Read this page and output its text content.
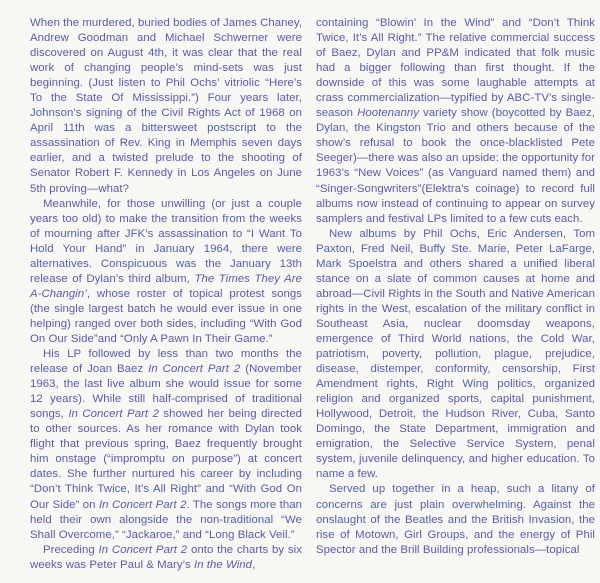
When the murdered, buried bodies of James Chaney, Andrew Goodman and Michael Schwerner were discovered on August 4th, it was clear that the real work of changing people’s mind-sets was just beginning. (Just listen to Phil Ochs’ vitriolic “Here’s To the State Of Mississippi.”) Four years later, Johnson’s signing of the Civil Rights Act of 1968 on April 11th was a bittersweet postscript to the assassination of Rev. King in Memphis seven days earlier, and a twisted prelude to the shooting of Senator Robert F. Kennedy in Los Angeles on June 5th proving—what?

Meanwhile, for those unwilling (or just a couple years too old) to make the transition from the weeks of mourning after JFK’s assassination to “I Want To Hold Your Hand” in January 1964, there were alternatives. Conspicuous was the January 13th release of Dylan’s third album, The Times They Are A-Changin’, whose roster of topical protest songs (the single largest batch he would ever issue in one helping) ranged over both sides, including “With God On Our Side”and “Only A Pawn In Their Game.”

His LP followed by less than two months the release of Joan Baez In Concert Part 2 (November 1963, the last live album she would issue for some 12 years). While still half-comprised of traditional songs, In Concert Part 2 showed her being directed to other sources. As her romance with Dylan took flight that previous spring, Baez frequently brought him onstage (“impromptu on purpose”) at concert dates. She further nurtured his career by including “Don’t Think Twice, It’s All Right” and “With God On Our Side” on In Concert Part 2. The songs more than held their own alongside the non-traditional “We Shall Overcome,” “Jackaroe,” and “Long Black Veil.”

Preceding In Concert Part 2 onto the charts by six weeks was Peter Paul & Mary’s In the Wind,

containing “Blowin’ In the Wind” and “Don’t Think Twice, It’s All Right.” The relative commercial success of Baez, Dylan and PP&M indicated that folk music had a bigger following than first thought. If the downside of this was some laughable attempts at crass commercialization—typified by ABC-TV’s single-season Hootenanny variety show (boycotted by Baez, Dylan, the Kingston Trio and others because of the show’s refusal to book the once-blacklisted Pete Seeger)—there was also an upside: the opportunity for 1963’s “New Voices” (as Vanguard named them) and “Singer-Songwriters”(Elektra’s coinage) to record full albums now instead of continuing to appear on survey samplers and festival LPs limited to a few cuts each.

New albums by Phil Ochs, Eric Andersen, Tom Paxton, Fred Neil, Buffy Ste. Marie, Peter LaFarge, Mark Spoelstra and others shared a unified liberal stance on a slate of common causes at home and abroad—Civil Rights in the South and Native American rights in the West, escalation of the military conflict in Southeast Asia, nuclear doomsday weapons, emergence of Third World nations, the Cold War, patriotism, poverty, pollution, plague, prejudice, disease, distemper, conformity, censorship, First Amendment rights, Right Wing politics, organized religion and organized sports, capital punishment, Hollywood, Detroit, the Hudson River, Cuba, Santo Domingo, the State Department, immigration and emigration, the Selective Service System, penal system, juvenile delinquency, and higher education. To name a few.

Served up together in a heap, such a litany of concerns are just plain overwhelming. Against the onslaught of the Beatles and the British Invasion, the rise of Motown, Girl Groups, and the energy of Phil Spector and the Brill Building professionals—topical
